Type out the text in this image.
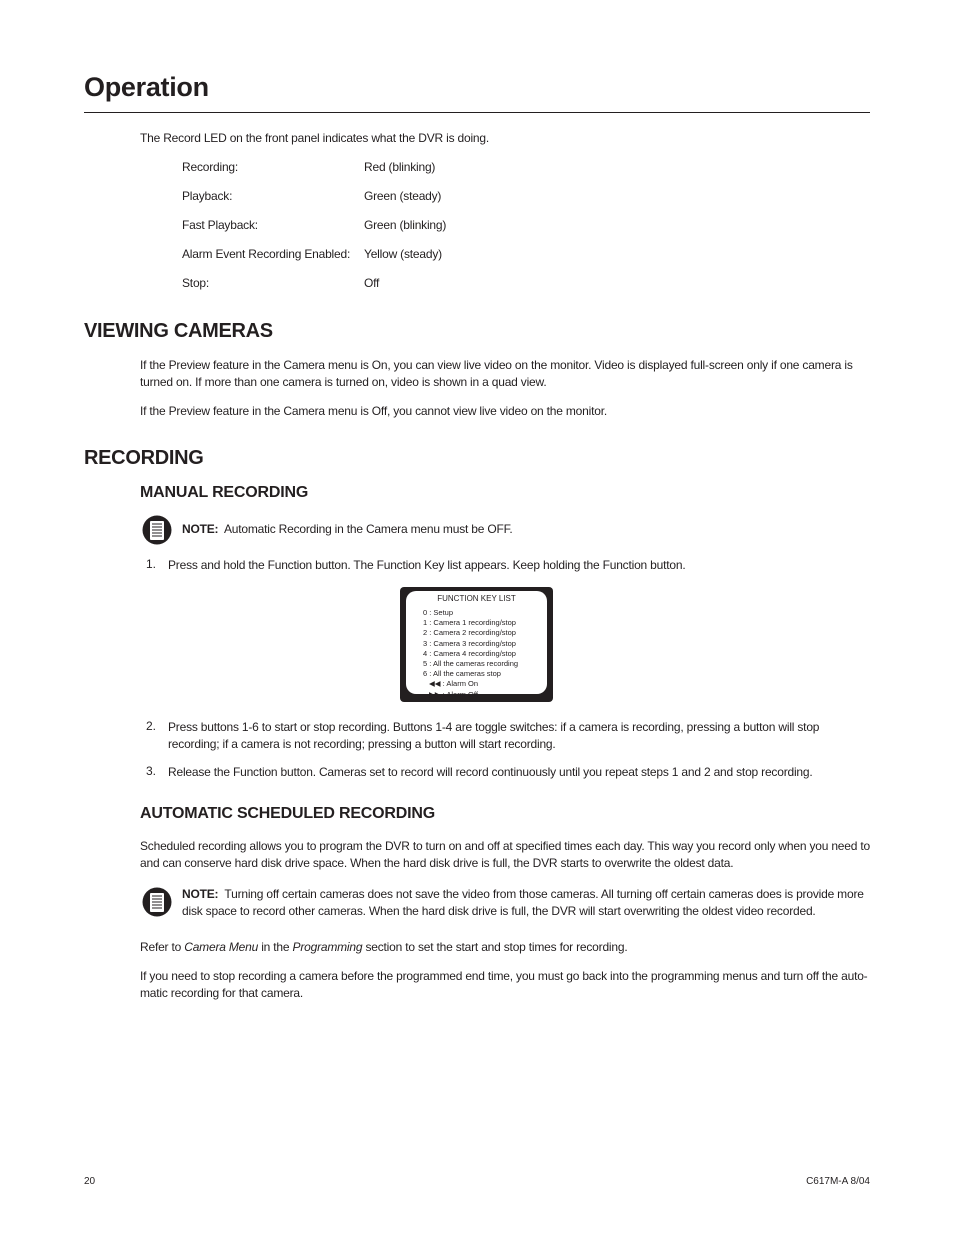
Operation

The Record LED on the front panel indicates what the DVR is doing.

Recording:	Red (blinking)
Playback:	Green (steady)
Fast Playback:	Green (blinking)
Alarm Event Recording Enabled: Yellow (steady)
Stop:	Off
VIEWING CAMERAS

If the Preview feature in the Camera menu is On, you can view live video on the monitor. Video is displayed full-screen only if one camera is turned on. If more than one camera is turned on, video is shown in a quad view.

If the Preview feature in the Camera menu is Off, you cannot view live video on the monitor.

RECORDING
MANUAL RECORDING
NOTE: Automatic Recording in the Camera menu must be OFF.
1. Press and hold the Function button. The Function Key list appears. Keep holding the Function button.

FUNCTION KEY LIST
0 : Setup
1 : Camera 1 recording/stop
2 : Camera 2 recording/stop
3 : Camera 3 recording/stop
4 : Camera 4 recording/stop
5 : All the cameras recording
6 : All the cameras stop
◀◀ : Alarm On
▶▶ : Alarm Off
2. Press buttons 1-6 to start or stop recording. Buttons 1-4 are toggle switches: if a camera is recording, pressing a button will stop recording; if a camera is not recording; pressing a button will start recording.

3. Release the Function button. Cameras set to record will record continuously until you repeat steps 1 and 2 and stop recording.

AUTOMATIC SCHEDULED RECORDING

Scheduled recording allows you to program the DVR to turn on and off at specified times each day. This way you record only when you need to and can conserve hard disk drive space. When the hard disk drive is full, the DVR starts to overwrite the oldest data.

NOTE: Turning off certain cameras does not save the video from those cameras. All turning off certain cameras does is provide more disk space to record other cameras. When the hard disk drive is full, the DVR will start overwriting the oldest video recorded.

Refer to Camera Menu in the Programming section to set the start and stop times for recording.

If you need to stop recording a camera before the programmed end time, you must go back into the programming menus and turn off the auto-matic recording for that camera.

20	C617M-A 8/04
